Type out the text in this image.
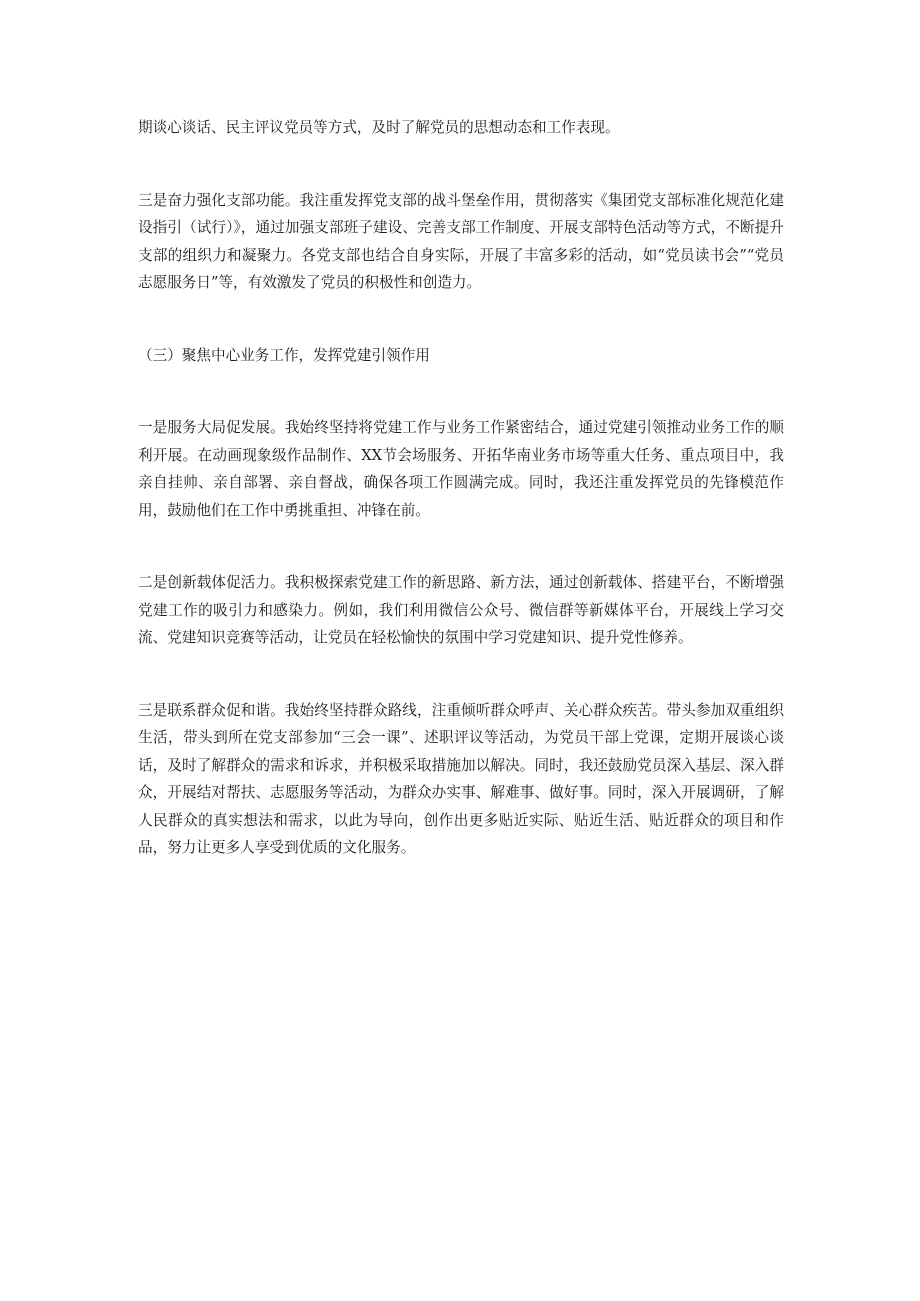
期谈心谈话、民主评议党员等方式，及时了解党员的思想动态和工作表现。

三是奋力强化支部功能。我注重发挥党支部的战斗堡垒作用，贯彻落实《集团党支部标准化规范化建设指引（试行）》，通过加强支部班子建设、完善支部工作制度、开展支部特色活动等方式，不断提升支部的组织力和凝聚力。各党支部也结合自身实际，开展了丰富多彩的活动，如“党员读书会”“党员志愿服务日”等，有效激发了党员的积极性和创造力。

（三）聚焦中心业务工作，发挥党建引领作用

一是服务大局促发展。我始终坚持将党建工作与业务工作紧密结合，通过党建引领推动业务工作的顺利开展。在动画现象级作品制作、XX节会场服务、开拓华南业务市场等重大任务、重点项目中，我亲自挂帅、亲自部署、亲自督战，确保各项工作圆满完成。同时，我还注重发挥党员的先锋模范作用，鼓励他们在工作中勇挑重担、冲锋在前。

二是创新载体促活力。我积极探索党建工作的新思路、新方法，通过创新载体、搭建平台，不断增强党建工作的吸引力和感染力。例如，我们利用微信公众号、微信群等新媒体平台，开展线上学习交流、党建知识竞赛等活动，让党员在轻松愉快的氛围中学习党建知识、提升党性修养。

三是联系群众促和谐。我始终坚持群众路线，注重倾听群众呼声、关心群众疾苦。带头参加双重组织生活，带头到所在党支部参加“三会一课”、述职评议等活动，为党员干部上党课，定期开展谈心谈话，及时了解群众的需求和诉求，并积极采取措施加以解决。同时，我还鼓励党员深入基层、深入群众，开展结对帮扶、志愿服务等活动，为群众办实事、解难事、做好事。同时，深入开展调研，了解人民群众的真实想法和需求，以此为导向，创作出更多贴近实际、贴近生活、贴近群众的项目和作品，努力让更多人享受到优质的文化服务。
